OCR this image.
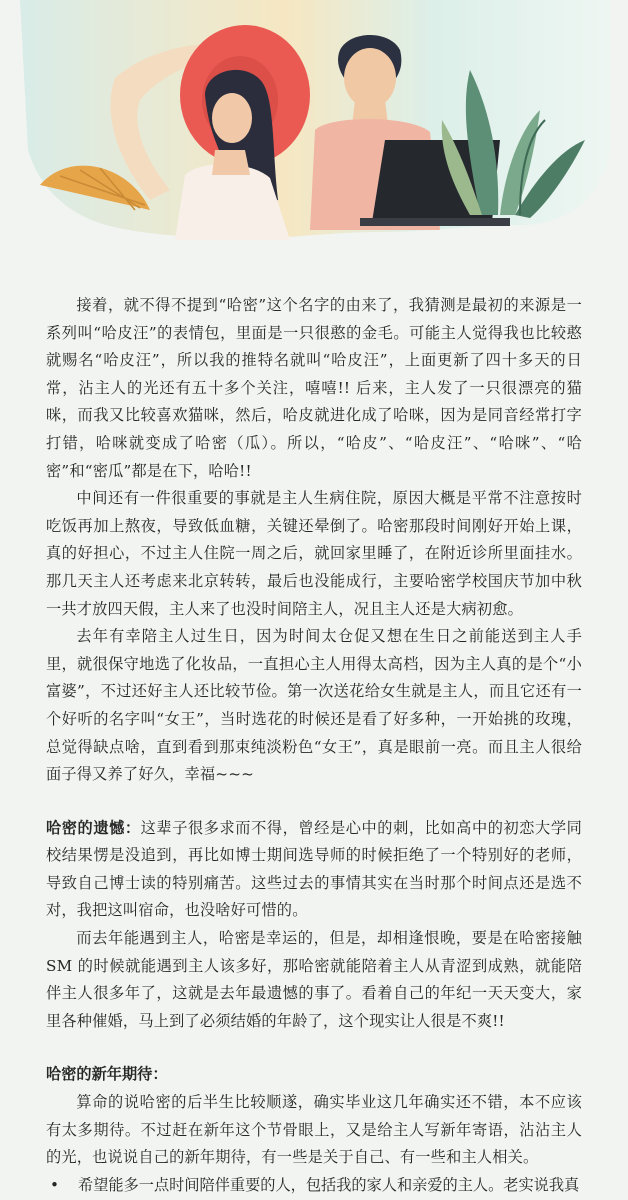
接着，就不得不提到“哈密”这个名字的由来了，我猜测是最初的来源是一系列叫“哈皮汪”的表情包，里面是一只很憨的金毛。可能主人觉得我也比较憨就赐名“哈皮汪”，所以我的推特名就叫“哈皮汪”，上面更新了四十多天的日常，沾主人的光还有五十多个关注，嘻嘻!! 后来，主人发了一只很漂亮的猫咪，而我又比较喜欢猫咪，然后，哈皮就进化成了哈咪，因为是同音经常打字打错，哈咪就变成了哈密（瓜）。所以，“哈皮”、“哈皮汪”、“哈咪”、“哈密”和“密瓜”都是在下，哈哈!!

中间还有一件很重要的事就是主人生病住院，原因大概是平常不注意按时吃饭再加上熬夜，导致低血糖，关键还晕倒了。哈密那段时间刚好开始上课，真的好担心，不过主人住院一周之后，就回家里睡了，在附近诊所里面挂水。那几天主人还考虑来北京转转，最后也没能成行，主要哈密学校国庆节加中秋一共才放四天假，主人来了也没时间陪主人，况且主人还是大病初愈。

去年有幸陪主人过生日，因为时间太仓促又想在生日之前能送到主人手里，就很保守地选了化妆品，一直担心主人用得太高档，因为主人真的是个“小富婆”，不过还好主人还比较节俭。第一次送花给女生就是主人，而且它还有一个好听的名字叫“女王”，当时选花的时候还是看了好多种，一开始挑的玫瑰，总觉得缺点啥，直到看到那束纯淡粉色“女王”，真是眼前一亮。而且主人很给面子得又养了好久，幸福~~~

哈密的遗憾：这辈子很多求而不得，曾经是心中的刺，比如高中的初恋大学同校结果愣是没追到，再比如博士期间选导师的时候拒绝了一个特别好的老师，导致自己博士读的特别痛苦。这些过去的事情其实在当时那个时间点还是选不对，我把这叫宿命，也没啥好可惜的。

而去年能遇到主人，哈密是幸运的，但是，却相逢恨晚，要是在哈密接触 SM 的时候就能遇到主人该多好，那哈密就能陪着主人从青涩到成熟，就能陪伴主人很多年了，这就是去年最遗憾的事了。看着自己的年纪一天天变大，家里各种催婚，马上到了必须结婚的年龄了，这个现实让人很是不爽!!

哈密的新年期待：

算命的说哈密的后半生比较顺遂，确实毕业这几年确实还不错，本不应该有太多期待。不过赶在新年这个节骨眼上，又是给主人写新年寄语，沾沾主人的光，也说说自己的新年期待，有一些是关于自己、有一些和主人相关。

• 希望能多一点时间陪伴重要的人，包括我的家人和亲爱的主人。老实说我真
